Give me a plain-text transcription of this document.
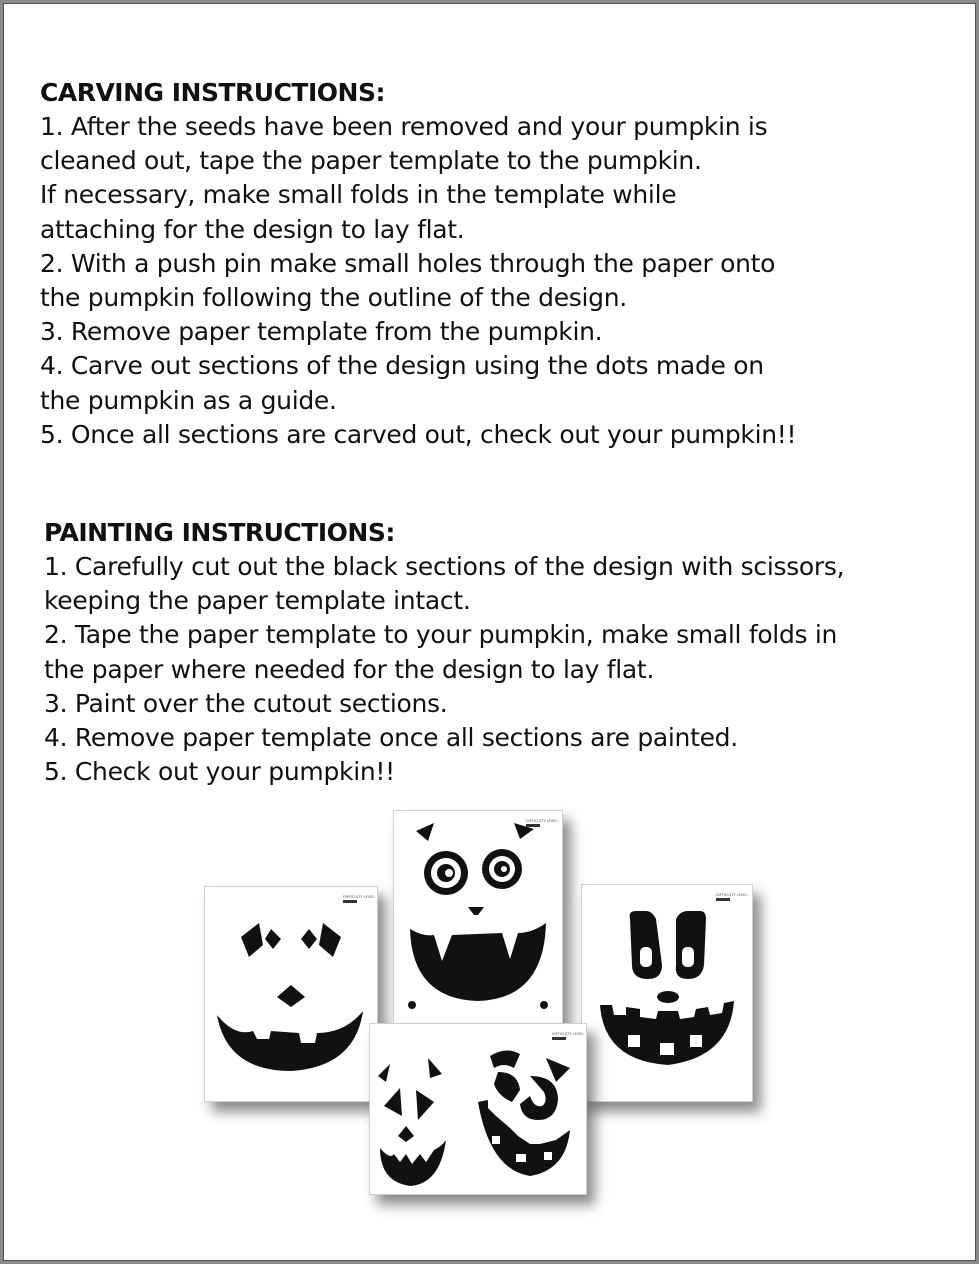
CARVING INSTRUCTIONS:
1. After the seeds have been removed and your pumpkin is
cleaned out, tape the paper template to the pumpkin.
If necessary, make small folds in the template while
attaching for the design to lay flat.
2. With a push pin make small holes through the paper onto
the pumpkin following the outline of the design.
3. Remove paper template from the pumpkin.
4. Carve out sections of the design using the dots made on
the pumpkin as a guide.
5. Once all sections are carved out, check out your pumpkin!!
PAINTING INSTRUCTIONS:
1. Carefully cut out the black sections of the design with scissors,
keeping the paper template intact.
2. Tape the paper template to your pumpkin, make small folds in
the paper where needed for the design to lay flat.
3. Paint over the cutout sections.
4. Remove paper template once all sections are painted.
5. Check out your pumpkin!!
DIFFICULTY LEVEL:
DIFFICULTY LEVEL:
DIFFICULTY LEVEL:
DIFFICULTY LEVEL:
